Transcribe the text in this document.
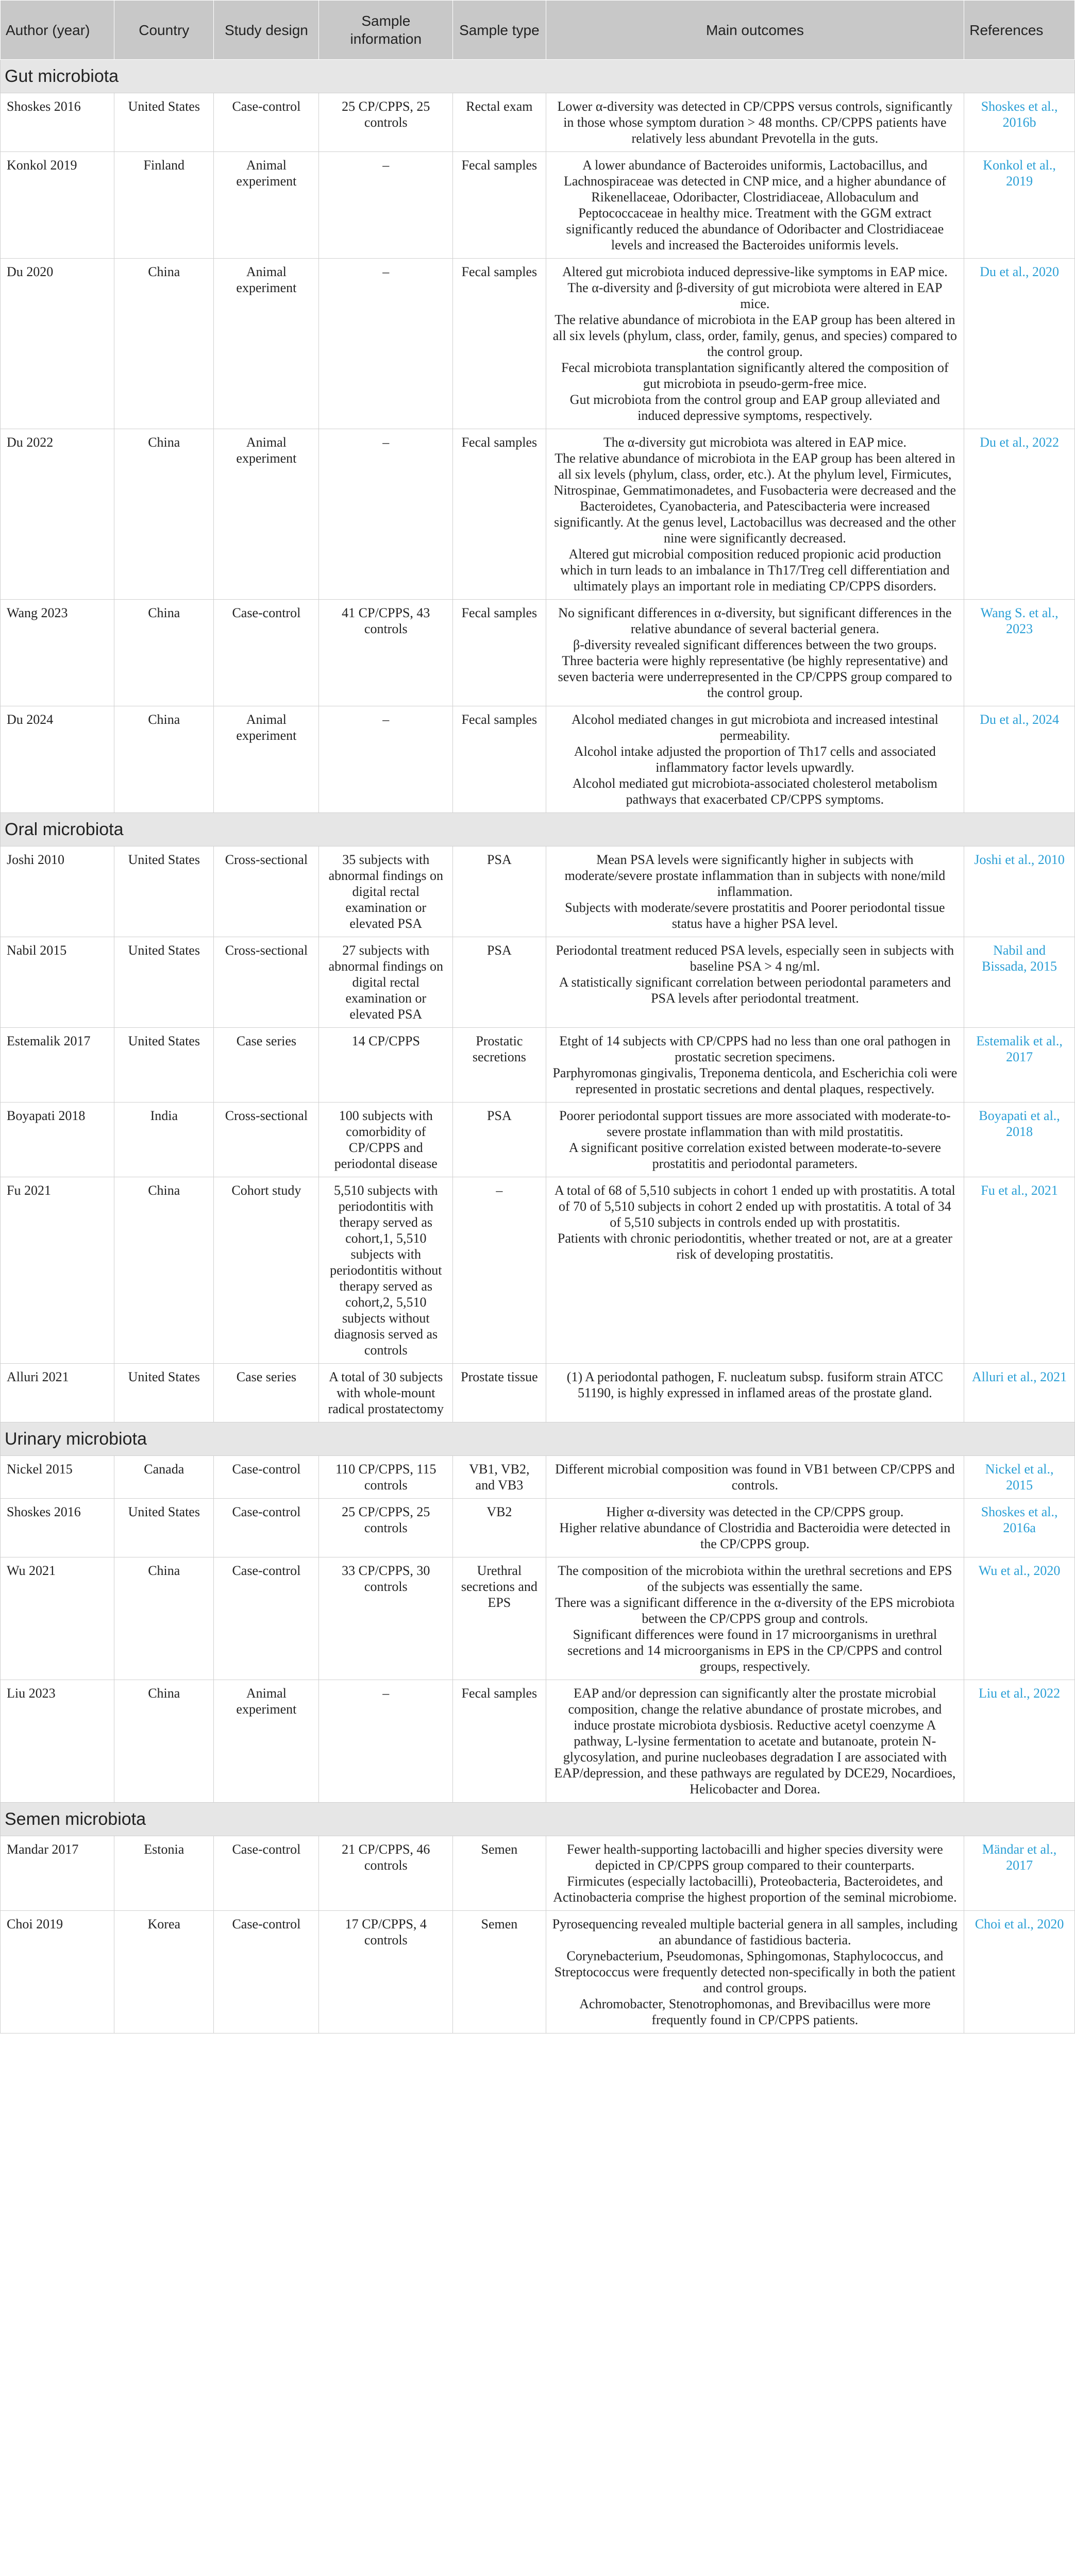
Author (year)	Country	Study design	Sample information	Sample type	Main outcomes	References
Gut microbiota						
Shoskes 2016	United States	Case-control	25 CP/CPPS, 25 controls	Rectal exam	Lower α-diversity was detected in CP/CPPS versus controls, significantly in those whose symptom duration > 48 months. CP/CPPS patients have relatively less abundant Prevotella in the guts.	Shoskes et al., 2016b
Konkol 2019	Finland	Animal experiment	–	Fecal samples	A lower abundance of Bacteroides uniformis, Lactobacillus, and Lachnospiraceae was detected in CNP mice, and a higher abundance of Rikenellaceae, Odoribacter, Clostridiaceae, Allobaculum and Peptococcaceae in healthy mice. Treatment with the GGM extract significantly reduced the abundance of Odoribacter and Clostridiaceae levels and increased the Bacteroides uniformis levels.	Konkol et al., 2019
Du 2020	China	Animal experiment	–	Fecal samples	Altered gut microbiota induced depressive-like symptoms in EAP mice.

The α-diversity and β-diversity of gut microbiota were altered in EAP mice.

The relative abundance of microbiota in the EAP group has been altered in all six levels (phylum, class, order, family, genus, and species) compared to the control group.

Fecal microbiota transplantation significantly altered the composition of gut microbiota in pseudo-germ-free mice.

Gut microbiota from the control group and EAP group alleviated and induced depressive symptoms, respectively.	Du et al., 2020
Du 2022	China	Animal experiment	–	Fecal samples	The α-diversity gut microbiota was altered in EAP mice.

The relative abundance of microbiota in the EAP group has been altered in all six levels (phylum, class, order, etc.). At the phylum level, Firmicutes, Nitrospinae, Gemmatimonadetes, and Fusobacteria were decreased and the Bacteroidetes, Cyanobacteria, and Patescibacteria were increased significantly. At the genus level, Lactobacillus was decreased and the other nine were significantly decreased.

Altered gut microbial composition reduced propionic acid production which in turn leads to an imbalance in Th17/Treg cell differentiation and ultimately plays an important role in mediating CP/CPPS disorders.	Du et al., 2022
Wang 2023	China	Case-control	41 CP/CPPS, 43 controls	Fecal samples	No significant differences in α-diversity, but significant differences in the relative abundance of several bacterial genera.

β-diversity revealed significant differences between the two groups.

Three bacteria were highly representative (be highly representative) and seven bacteria were underrepresented in the CP/CPPS group compared to the control group.	Wang S. et al., 2023
Du 2024	China	Animal experiment	–	Fecal samples	Alcohol mediated changes in gut microbiota and increased intestinal permeability.

Alcohol intake adjusted the proportion of Th17 cells and associated inflammatory factor levels upwardly.

Alcohol mediated gut microbiota-associated cholesterol metabolism pathways that exacerbated CP/CPPS symptoms.	Du et al., 2024
Oral microbiota						
Joshi 2010	United States	Cross-sectional	35 subjects with abnormal findings on digital rectal examination or elevated PSA	PSA	Mean PSA levels were significantly higher in subjects with moderate/severe prostate inflammation than in subjects with none/mild inflammation.

Subjects with moderate/severe prostatitis and Poorer periodontal tissue status have a higher PSA level.	Joshi et al., 2010
Nabil 2015	United States	Cross-sectional	27 subjects with abnormal findings on digital rectal examination or elevated PSA	PSA	Periodontal treatment reduced PSA levels, especially seen in subjects with baseline PSA > 4 ng/ml.

A statistically significant correlation between periodontal parameters and PSA levels after periodontal treatment.	Nabil and Bissada, 2015
Estemalik 2017	United States	Case series	14 CP/CPPS	Prostatic secretions	Etght of 14 subjects with CP/CPPS had no less than one oral pathogen in prostatic secretion specimens.

Parphyromonas gingivalis, Treponema denticola, and Escherichia coli were represented in prostatic secretions and dental plaques, respectively.	Estemalik et al., 2017
Boyapati 2018	India	Cross-sectional	100 subjects with comorbidity of CP/CPPS and periodontal disease	PSA	Poorer periodontal support tissues are more associated with moderate-to-severe prostate inflammation than with mild prostatitis.

A significant positive correlation existed between moderate-to-severe prostatitis and periodontal parameters.	Boyapati et al., 2018
Fu 2021	China	Cohort study	5,510 subjects with periodontitis with therapy served as cohort,1, 5,510 subjects with periodontitis without therapy served as cohort,2, 5,510 subjects without diagnosis served as controls	–	A total of 68 of 5,510 subjects in cohort 1 ended up with prostatitis. A total of 70 of 5,510 subjects in cohort 2 ended up with prostatitis. A total of 34 of 5,510 subjects in controls ended up with prostatitis.

Patients with chronic periodontitis, whether treated or not, are at a greater risk of developing prostatitis.	Fu et al., 2021
Alluri 2021	United States	Case series	A total of 30 subjects with whole-mount radical prostatectomy	Prostate tissue	(1) A periodontal pathogen, F. nucleatum subsp. fusiform strain ATCC 51190, is highly expressed in inflamed areas of the prostate gland.	Alluri et al., 2021
Urinary microbiota						
Nickel 2015	Canada	Case-control	110 CP/CPPS, 115 controls	VB1, VB2, and VB3	Different microbial composition was found in VB1 between CP/CPPS and controls.	Nickel et al., 2015
Shoskes 2016	United States	Case-control	25 CP/CPPS, 25 controls	VB2	Higher α-diversity was detected in the CP/CPPS group.

Higher relative abundance of Clostridia and Bacteroidia were detected in the CP/CPPS group.	Shoskes et al., 2016a
Wu 2021	China	Case-control	33 CP/CPPS, 30 controls	Urethral secretions and EPS	The composition of the microbiota within the urethral secretions and EPS of the subjects was essentially the same.

There was a significant difference in the α-diversity of the EPS microbiota between the CP/CPPS group and controls.

Significant differences were found in 17 microorganisms in urethral secretions and 14 microorganisms in EPS in the CP/CPPS and control groups, respectively.	Wu et al., 2020
Liu 2023	China	Animal experiment	–	Fecal samples	EAP and/or depression can significantly alter the prostate microbial composition, change the relative abundance of prostate microbes, and induce prostate microbiota dysbiosis. Reductive acetyl coenzyme A pathway, L-lysine fermentation to acetate and butanoate, protein N-glycosylation, and purine nucleobases degradation I are associated with EAP/depression, and these pathways are regulated by DCE29, Nocardioes, Helicobacter and Dorea.	Liu et al., 2022
Semen microbiota						
Mandar 2017	Estonia	Case-control	21 CP/CPPS, 46 controls	Semen	Fewer health-supporting lactobacilli and higher species diversity were depicted in CP/CPPS group compared to their counterparts.

Firmicutes (especially lactobacilli), Proteobacteria, Bacteroidetes, and Actinobacteria comprise the highest proportion of the seminal microbiome.	Mändar et al., 2017
Choi 2019	Korea	Case-control	17 CP/CPPS, 4 controls	Semen	Pyrosequencing revealed multiple bacterial genera in all samples, including an abundance of fastidious bacteria.

Corynebacterium, Pseudomonas, Sphingomonas, Staphylococcus, and Streptococcus were frequently detected non-specifically in both the patient and control groups.

Achromobacter, Stenotrophomonas, and Brevibacillus were more frequently found in CP/CPPS patients.	Choi et al., 2020
